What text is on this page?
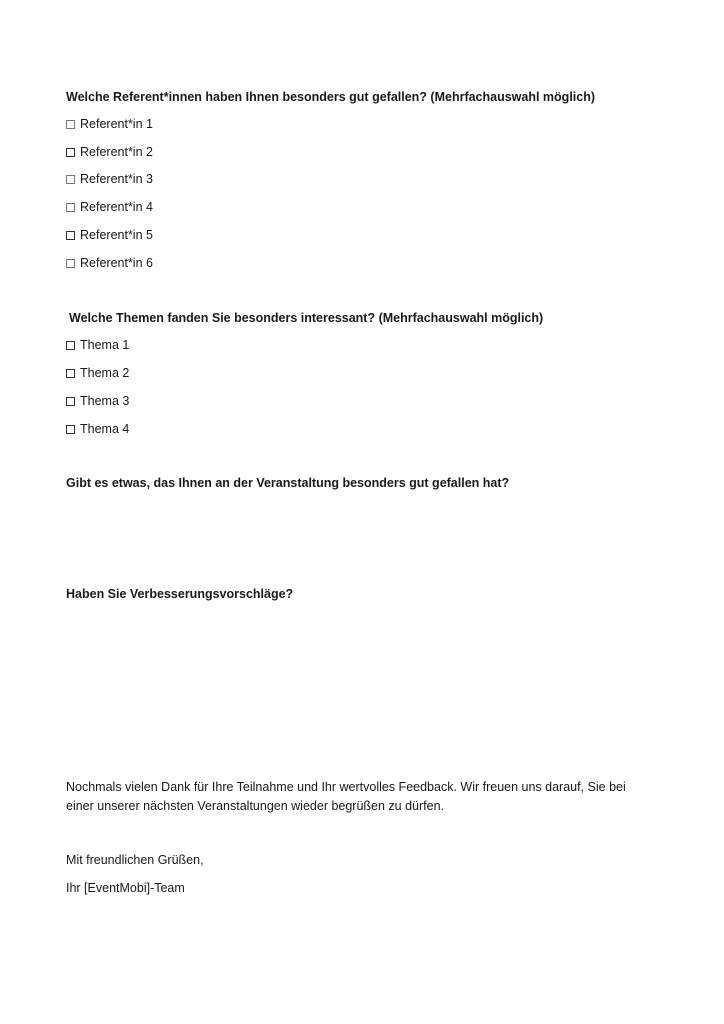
Welche Referent*innen haben Ihnen besonders gut gefallen? (Mehrfachauswahl möglich)
Referent*in 1
Referent*in 2
Referent*in 3
Referent*in 4
Referent*in 5
Referent*in 6
Welche Themen fanden Sie besonders interessant? (Mehrfachauswahl möglich)
Thema 1
Thema 2
Thema 3
Thema 4
Gibt es etwas, das Ihnen an der Veranstaltung besonders gut gefallen hat?
Haben Sie Verbesserungsvorschläge?
Nochmals vielen Dank für Ihre Teilnahme und Ihr wertvolles Feedback. Wir freuen uns darauf, Sie bei einer unserer nächsten Veranstaltungen wieder begrüßen zu dürfen.
Mit freundlichen Grüßen,
Ihr [EventMobi]-Team
